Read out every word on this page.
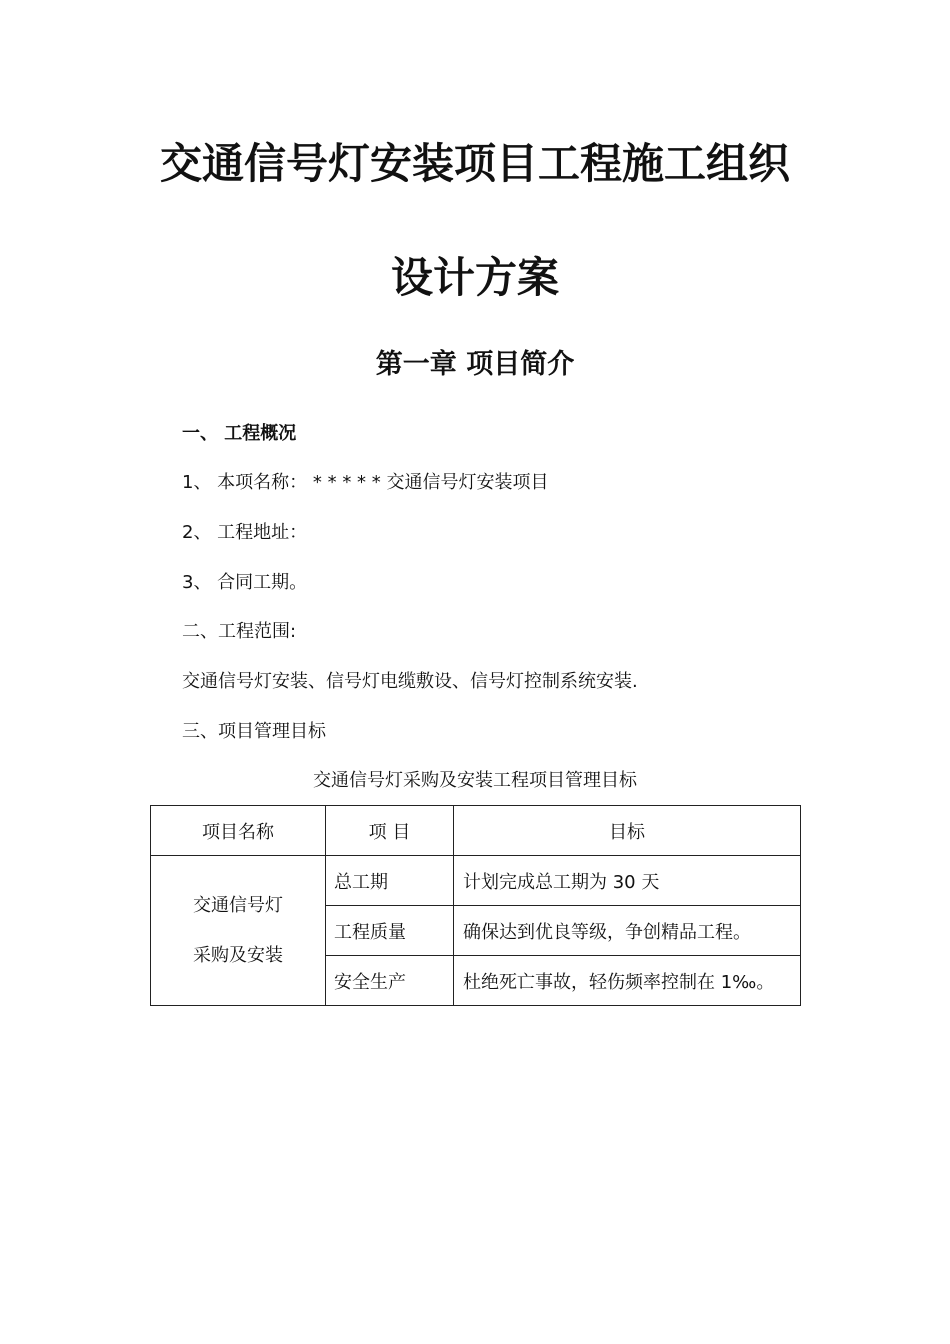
交通信号灯安装项目工程施工组织
设计方案
第一章 项目简介
一、 工程概况
1、 本项名称： * * * * * 交通信号灯安装项目
2、 工程地址：
3、 合同工期。
二、工程范围:
交通信号灯安装、信号灯电缆敷设、信号灯控制系统安装.
三、项目管理目标
交通信号灯采购及安装工程项目管理目标
项目名称	项 目	目标

交通信号灯
采购及安装	总工期	计划完成总工期为 30 天
	工程质量	确保达到优良等级，争创精品工程。
	安全生产	杜绝死亡事故，轻伤频率控制在 1‰。
